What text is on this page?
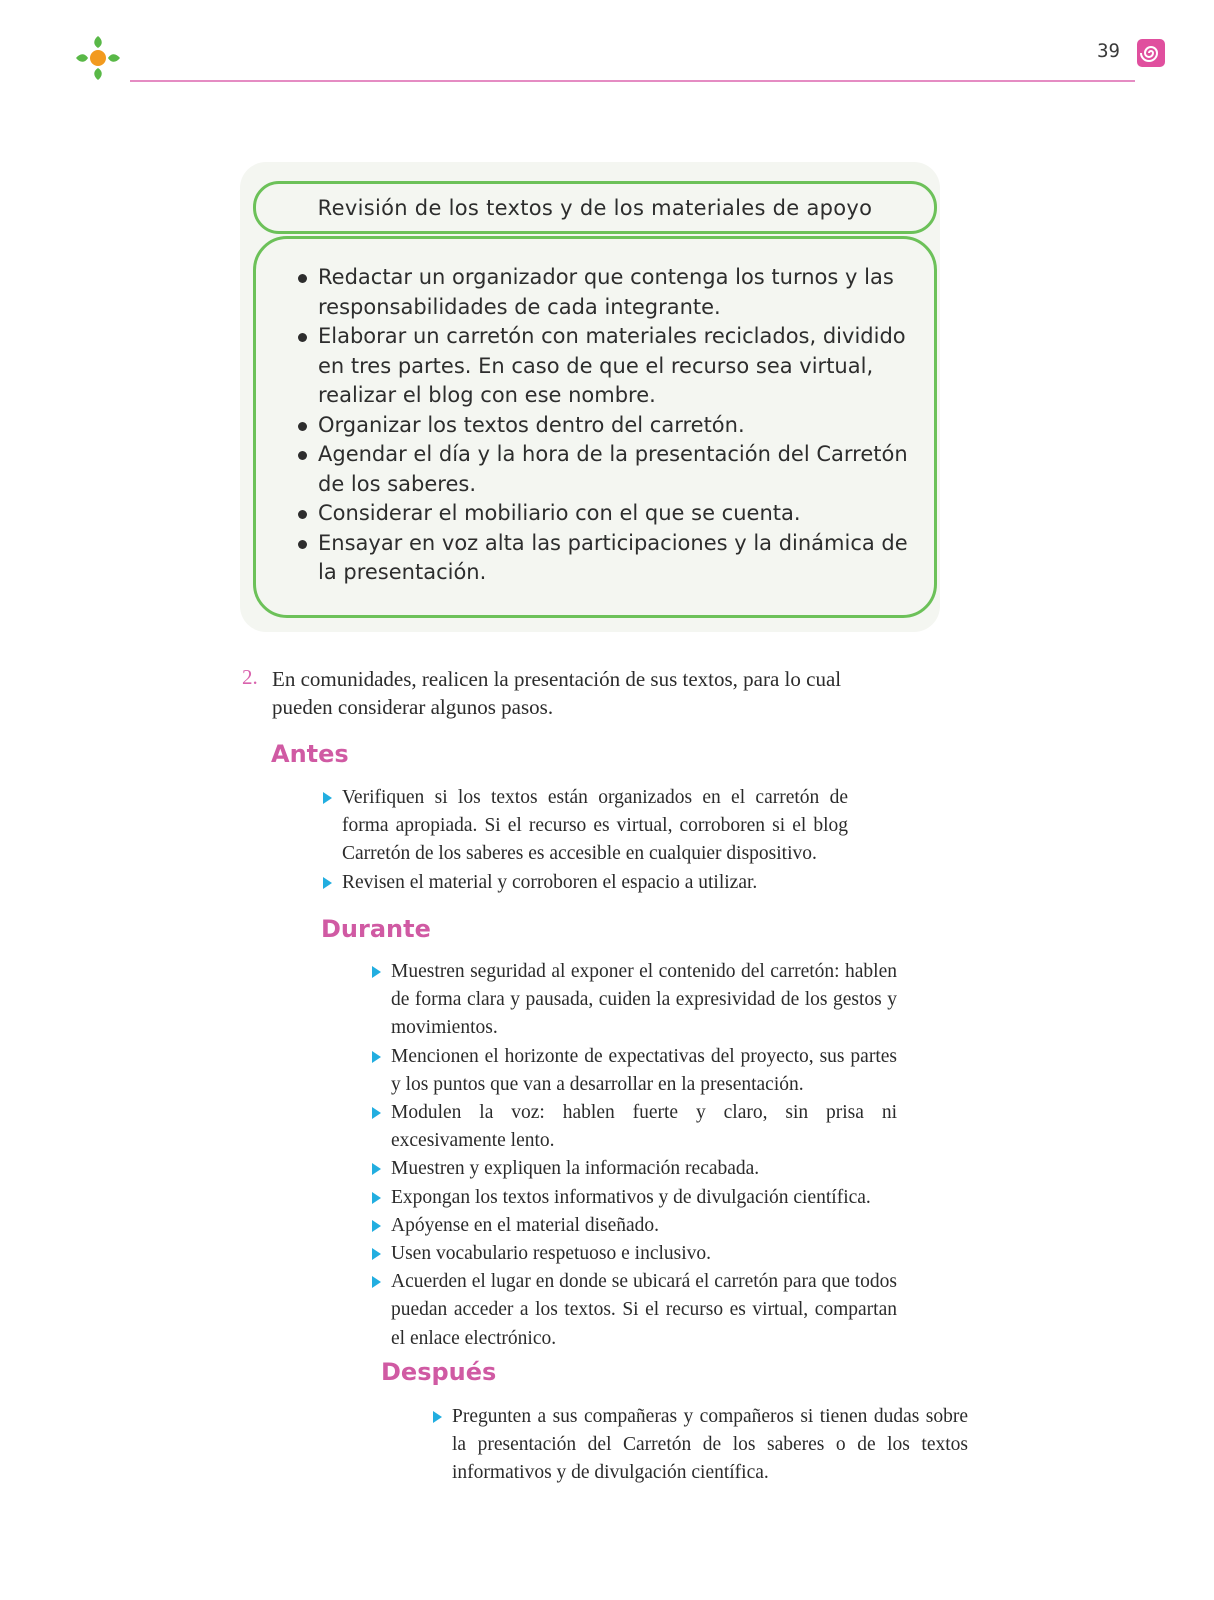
39
Revisión de los textos y de los materiales de apoyo
Redactar un organizador que contenga los turnos y las responsabilidades de cada integrante.
Elaborar un carretón con materiales reciclados, dividido en tres partes. En caso de que el recurso sea virtual, realizar el blog con ese nombre.
Organizar los textos dentro del carretón.
Agendar el día y la hora de la presentación del Carretón de los saberes.
Considerar el mobiliario con el que se cuenta.
Ensayar en voz alta las participaciones y la dinámica de la presentación.
2. En comunidades, realicen la presentación de sus textos, para lo cual pueden considerar algunos pasos.
Antes
Verifiquen si los textos están organizados en el carretón de forma apropiada. Si el recurso es virtual, corroboren si el blog Carretón de los saberes es accesible en cualquier dispositivo.
Revisen el material y corroboren el espacio a utilizar.
Durante
Muestren seguridad al exponer el contenido del carretón: hablen de forma clara y pausada, cuiden la expresividad de los gestos y movimientos.
Mencionen el horizonte de expectativas del proyecto, sus partes y los puntos que van a desarrollar en la presentación.
Modulen la voz: hablen fuerte y claro, sin prisa ni excesivamente lento.
Muestren y expliquen la información recabada.
Expongan los textos informativos y de divulgación científica.
Apóyense en el material diseñado.
Usen vocabulario respetuoso e inclusivo.
Acuerden el lugar en donde se ubicará el carretón para que todos puedan acceder a los textos. Si el recurso es virtual, compartan el enlace electrónico.
Después
Pregunten a sus compañeras y compañeros si tienen dudas sobre la presentación del Carretón de los saberes o de los textos informativos y de divulgación científica.
